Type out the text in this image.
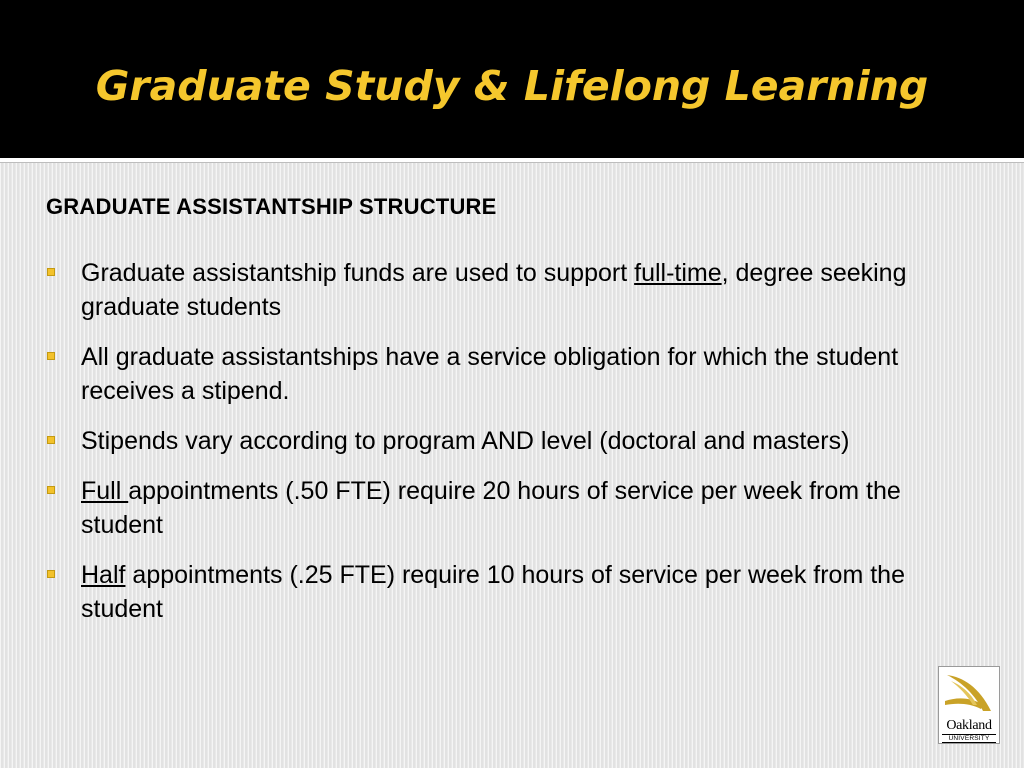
Graduate Study & Lifelong Learning
GRADUATE ASSISTANTSHIP STRUCTURE
Graduate assistantship funds are used to support full-time, degree seeking graduate students
All graduate assistantships have a service obligation for which the student receives a stipend.
Stipends vary according to program AND level (doctoral and masters)
Full appointments (.50 FTE) require 20 hours of service per week from the student
Half appointments (.25 FTE) require 10 hours of service per week from the student
Oakland
UNIVERSITY
